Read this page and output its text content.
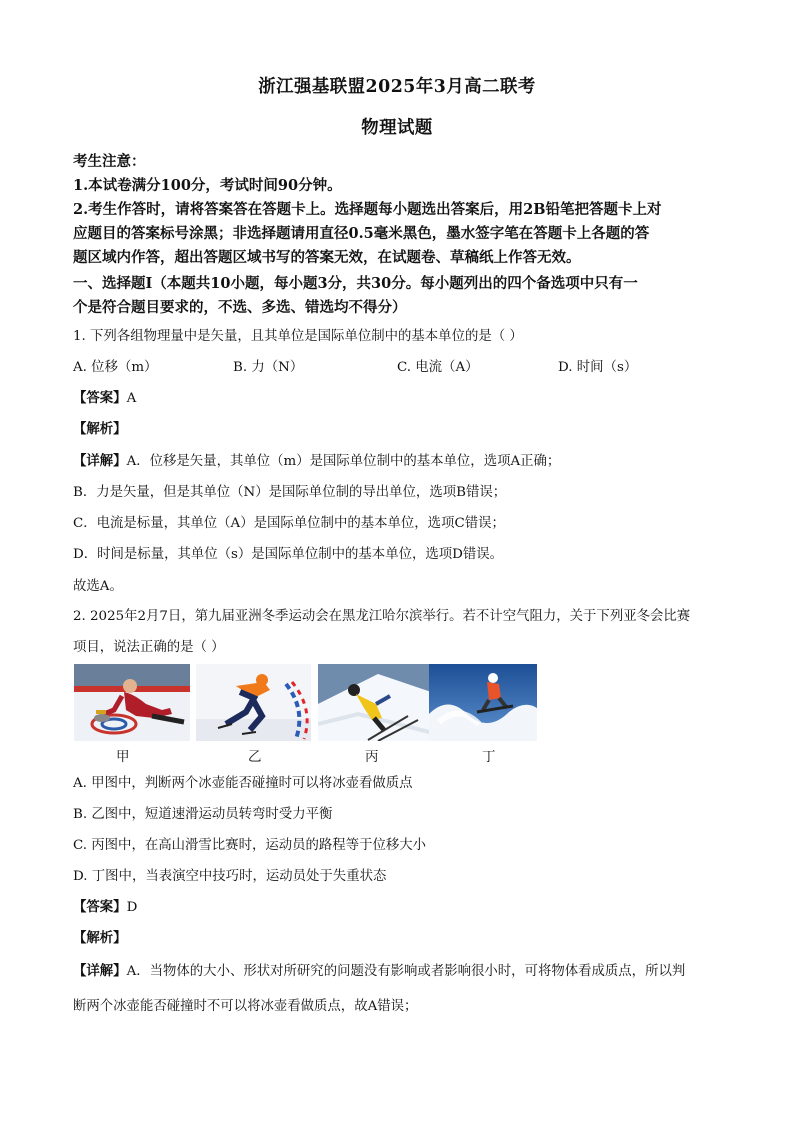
浙江强基联盟2025年3月高二联考
物理试题
考生注意：
1.本试卷满分100分，考试时间90分钟。
2.考生作答时，请将答案答在答题卡上。选择题每小题选出答案后，用2B铅笔把答题卡上对
应题目的答案标号涂黑；非选择题请用直径0.5毫米黑色，墨水签字笔在答题卡上各题的答
题区域内作答，超出答题区域书写的答案无效，在试题卷、草稿纸上作答无效。
一、选择题Ⅰ（本题共10小题，每小题3分，共30分。每小题列出的四个备选项中只有一
个是符合题目要求的，不选、多选、错选均不得分）
1. 下列各组物理量中是矢量，且其单位是国际单位制中的基本单位的是（ ）
A. 位移（m）	B. 力（N）	C. 电流（A）	D. 时间（s）
【答案】A
【解析】
【详解】A．位移是矢量，其单位（m）是国际单位制中的基本单位，选项A正确；
B．力是矢量，但是其单位（N）是国际单位制的导出单位，选项B错误；
C．电流是标量，其单位（A）是国际单位制中的基本单位，选项C错误；
D．时间是标量，其单位（s）是国际单位制中的基本单位，选项D错误。
故选A。
2. 2025年2月7日，第九届亚洲冬季运动会在黑龙江哈尔滨举行。若不计空气阻力，关于下列亚冬会比赛
项目，说法正确的是（ ）
甲	乙	丙	丁
A. 甲图中，判断两个冰壶能否碰撞时可以将冰壶看做质点
B. 乙图中，短道速滑运动员转弯时受力平衡
C. 丙图中，在高山滑雪比赛时，运动员的路程等于位移大小
D. 丁图中，当表演空中技巧时，运动员处于失重状态
【答案】D
【解析】
【详解】A．当物体的大小、形状对所研究的问题没有影响或者影响很小时，可将物体看成质点，所以判
断两个冰壶能否碰撞时不可以将冰壶看做质点，故A错误；
